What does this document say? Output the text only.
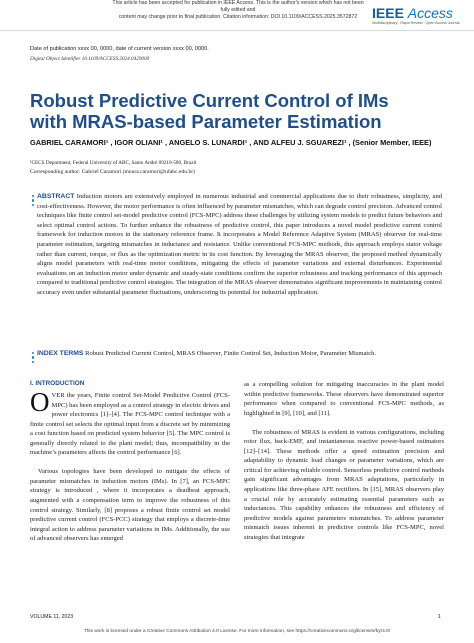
This article has been accepted for publication in IEEE Access. This is the author's version which has not been fully edited and
content may change prior to final publication. Citation information: DOI 10.1109/ACCESS.2025.3572872	IEEE Access
Multidisciplinary : Rapid Review : Open Access Journal
Date of publication xxxx 00, 0000, date of current version xxxx 00, 0000.
Digital Object Identifier 10.1109/ACCESS.2024.0429000
Robust Predictive Current Control of IMs with MRAS-based Parameter Estimation
GABRIEL CARAMORI¹ , IGOR OLIANI¹ , ANGELO S. LUNARDI¹ , AND ALFEU J. SGUAREZI¹ , (Senior Member, IEEE)
¹CECS Department, Federal University of ABC, Santo André 09210-580, Brazil
Corresponding author: Gabriel Caramori (moura.caramori@ufabc.edu.br)
ABSTRACT Induction motors are extensively employed in numerous industrial and commercial applications due to their robustness, simplicity, and cost-effectiveness. However, the motor performance is often influenced by parameter mismatches, which can degrade control precision. Advanced control techniques like finite control set-model predictive control (FCS-MPC) address these challenges by utilizing system models to predict future behaviors and select optimal control actions. To further enhance the robustness of predictive control, this paper introduces a novel model predictive current control framework for induction motors in the stationary reference frame. It incorporates a Model Reference Adaptive System (MRAS) observer for real-time parameter estimation, targeting mismatches in inductance and resistance. Unlike conventional FCS-MPC methods, this approach employs stator voltage rather than current, torque, or flux as the optimization metric in its cost function. By leveraging the MRAS observer, the proposed method dynamically aligns model parameters with real-time motor conditions, mitigating the effects of parameter variations and external disturbances. Experimental evaluations on an induction motor under dynamic and steady-state conditions confirm the superior robustness and tracking performance of this approach compared to traditional predictive control strategies. The integration of the MRAS observer demonstrates significant improvements in maintaining control accuracy even under substantial parameter fluctuations, underscoring its potential for industrial application.
INDEX TERMS Robust Predicted Current Control, MRAS Observer, Finite Control Set, Induction Motor, Parameter Mismatch.
I. INTRODUCTION

OVER the years, Finite control Set-Model Predictive Control (FCS-MPC) has been employed as a control strategy in electric drives and power electronics [1]–[4]. The FCS-MPC control technique with a finite control set selects the optimal input from a discrete set by minimizing a cost function based on predicted system behavior [5]. The MPC control is generally directly related to the plant model; thus, incompatibility in the machine’s parameters affects the control performance [6].

Various topologies have been developed to mitigate the effects of parameter mismatches in induction motors (IMs). In [7], an FCS-MPC strategy is introduced , where it incorporates a deadbeat approach, augmented with a compensation term to improve the robustness of this control strategy. Similarly, [8] proposes a robust finite control set model predictive current control (FCS-PCC) strategy that employs a discrete-time integral action to address parameter variations in IMs. Additionally, the use of advanced observers has emerged

as a compelling solution for mitigating inaccuracies in the plant model within predictive frameworks. These observers have demonstrated superior performance when compared to conventional FCS-MPC methods, as highlighted in [9], [10], and [11].

The robustness of MRAS is evident in various configurations, including rotor flux, back-EMF, and instantaneous reactive power-based estimators [12]–[14]. These methods offer a speed estimation precision and adaptability to dynamic load changes or parameter variations, which are critical for achieving reliable control. Sensorless predictive control methods gain significant advantages from MRAS adaptations, particularly in applications like three-phase AFE rectifiers. In [15], MRAS observers play a crucial role by accurately estimating essential parameters such as inductances. This capability enhances the robustness and efficiency of predictive models against parameters mismatches. To address parameter mismatch issues inherent in predictive controls like FCS-MPC, novel strategies that integrate

VOLUME 11, 2023	1
This work is licensed under a Creative Commons Attribution 4.0 License. For more information, see https://creativecommons.org/licenses/by/4.0/
